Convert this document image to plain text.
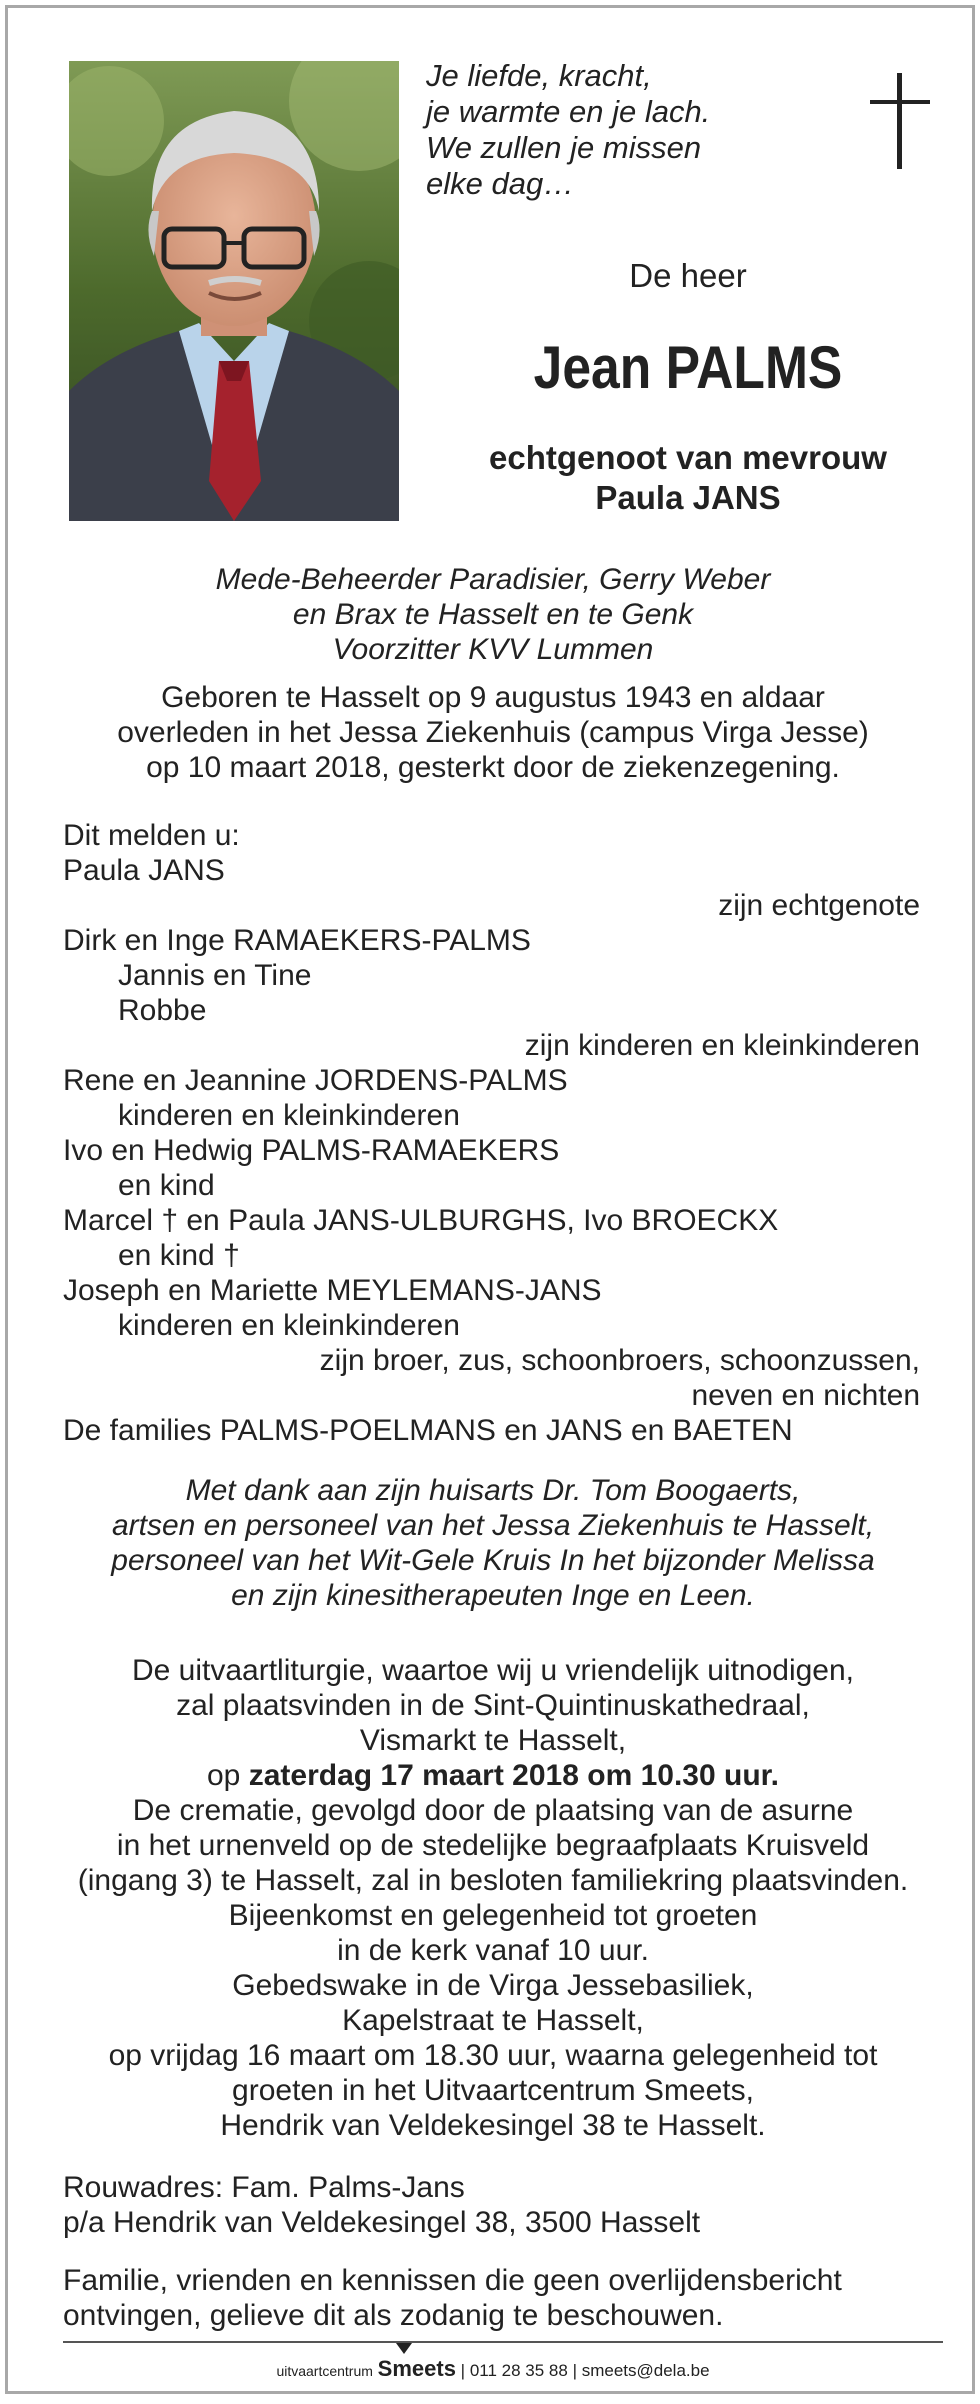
Je liefde, kracht,
je warmte en je lach.
We zullen je missen
elke dag…
De heer
Jean PALMS
echtgenoot van mevrouw
Paula JANS
Mede-Beheerder Paradisier, Gerry Weber
en Brax te Hasselt en te Genk
Voorzitter KVV Lummen
Geboren te Hasselt op 9 augustus 1943 en aldaar
overleden in het Jessa Ziekenhuis (campus Virga Jesse)
op 10 maart 2018, gesterkt door de ziekenzegening.
Dit melden u:
Paula JANS
zijn echtgenote
Dirk en Inge RAMAEKERS-PALMS
Jannis en Tine
Robbe
zijn kinderen en kleinkinderen
Rene en Jeannine JORDENS-PALMS
kinderen en kleinkinderen
Ivo en Hedwig PALMS-RAMAEKERS
en kind
Marcel † en Paula JANS-ULBURGHS, Ivo BROECKX
en kind †
Joseph en Mariette MEYLEMANS-JANS
kinderen en kleinkinderen
zijn broer, zus, schoonbroers, schoonzussen,
neven en nichten
De families PALMS-POELMANS en JANS en BAETEN
Met dank aan zijn huisarts Dr. Tom Boogaerts,
artsen en personeel van het Jessa Ziekenhuis te Hasselt,
personeel van het Wit-Gele Kruis In het bijzonder Melissa
en zijn kinesitherapeuten Inge en Leen.
De uitvaartliturgie, waartoe wij u vriendelijk uitnodigen,
zal plaatsvinden in de Sint-Quintinuskathedraal,
Vismarkt te Hasselt,
op zaterdag 17 maart 2018 om 10.30 uur.
De crematie, gevolgd door de plaatsing van de asurne
in het urnenveld op de stedelijke begraafplaats Kruisveld
(ingang 3) te Hasselt, zal in besloten familiekring plaatsvinden.
Bijeenkomst en gelegenheid tot groeten
in de kerk vanaf 10 uur.
Gebedswake in de Virga Jessebasiliek,
Kapelstraat te Hasselt,
op vrijdag 16 maart om 18.30 uur, waarna gelegenheid tot
groeten in het Uitvaartcentrum Smeets,
Hendrik van Veldekesingel 38 te Hasselt.
Rouwadres: Fam. Palms-Jans
p/a Hendrik van Veldekesingel 38, 3500 Hasselt
Familie, vrienden en kennissen die geen overlijdensbericht
ontvingen, gelieve dit als zodanig te beschouwen.
uitvaartcentrum Smeets | 011 28 35 88 | smeets@dela.be
